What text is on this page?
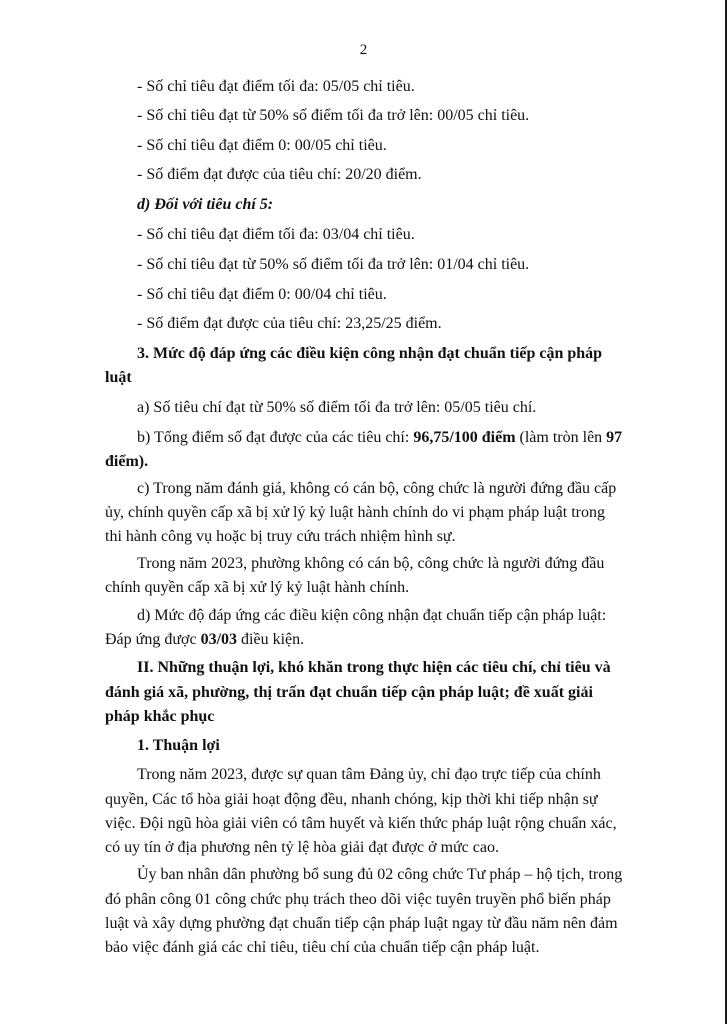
2
- Số chỉ tiêu đạt điểm tối đa: 05/05 chỉ tiêu.
- Số chỉ tiêu đạt từ 50% số điểm tối đa trở lên: 00/05 chỉ tiêu.
- Số chỉ tiêu đạt điểm 0: 00/05 chỉ tiêu.
- Số điểm đạt được của tiêu chí: 20/20 điểm.
d) Đối với tiêu chí 5:
- Số chỉ tiêu đạt điểm tối đa: 03/04 chỉ tiêu.
- Số chỉ tiêu đạt từ 50% số điểm tối đa trở lên: 01/04 chỉ tiêu.
- Số chỉ tiêu đạt điểm 0: 00/04 chỉ tiêu.
- Số điểm đạt được của tiêu chí: 23,25/25 điểm.
3. Mức độ đáp ứng các điều kiện công nhận đạt chuẩn tiếp cận pháp
luật
a) Số tiêu chí đạt từ 50% số điểm tối đa trở lên: 05/05 tiêu chí.
b) Tổng điểm số đạt được của các tiêu chí: 96,75/100 điểm (làm tròn lên 97
điểm).
c) Trong năm đánh giá, không có cán bộ, công chức là người đứng đầu cấp
ủy, chính quyền cấp xã bị xử lý kỷ luật hành chính do vi phạm pháp luật trong
thi hành công vụ hoặc bị truy cứu trách nhiệm hình sự.
Trong năm 2023, phường không có cán bộ, công chức là người đứng đầu
chính quyền cấp xã bị xử lý kỷ luật hành chính.
d) Mức độ đáp ứng các điều kiện công nhận đạt chuẩn tiếp cận pháp luật:
Đáp ứng được 03/03 điều kiện.
II. Những thuận lợi, khó khăn trong thực hiện các tiêu chí, chỉ tiêu và
đánh giá xã, phường, thị trấn đạt chuẩn tiếp cận pháp luật; đề xuất giải
pháp khắc phục
1. Thuận lợi
Trong năm 2023, được sự quan tâm Đảng ủy, chỉ đạo trực tiếp của chính
quyền, Các tổ hòa giải hoạt động đều, nhanh chóng, kịp thời khi tiếp nhận sự
việc. Đội ngũ hòa giải viên có tâm huyết và kiến thức pháp luật rộng chuẩn xác,
có uy tín ở địa phương nên tỷ lệ hòa giải đạt được ở mức cao.
Ủy ban nhân dân phường bổ sung đủ 02 công chức Tư pháp – hộ tịch, trong
đó phân công 01 công chức phụ trách theo dõi việc tuyên truyền phổ biến pháp
luật và xây dựng phường đạt chuẩn tiếp cận pháp luật ngay từ đầu năm nên đảm
bảo việc đánh giá các chỉ tiêu, tiêu chí của chuẩn tiếp cận pháp luật.
